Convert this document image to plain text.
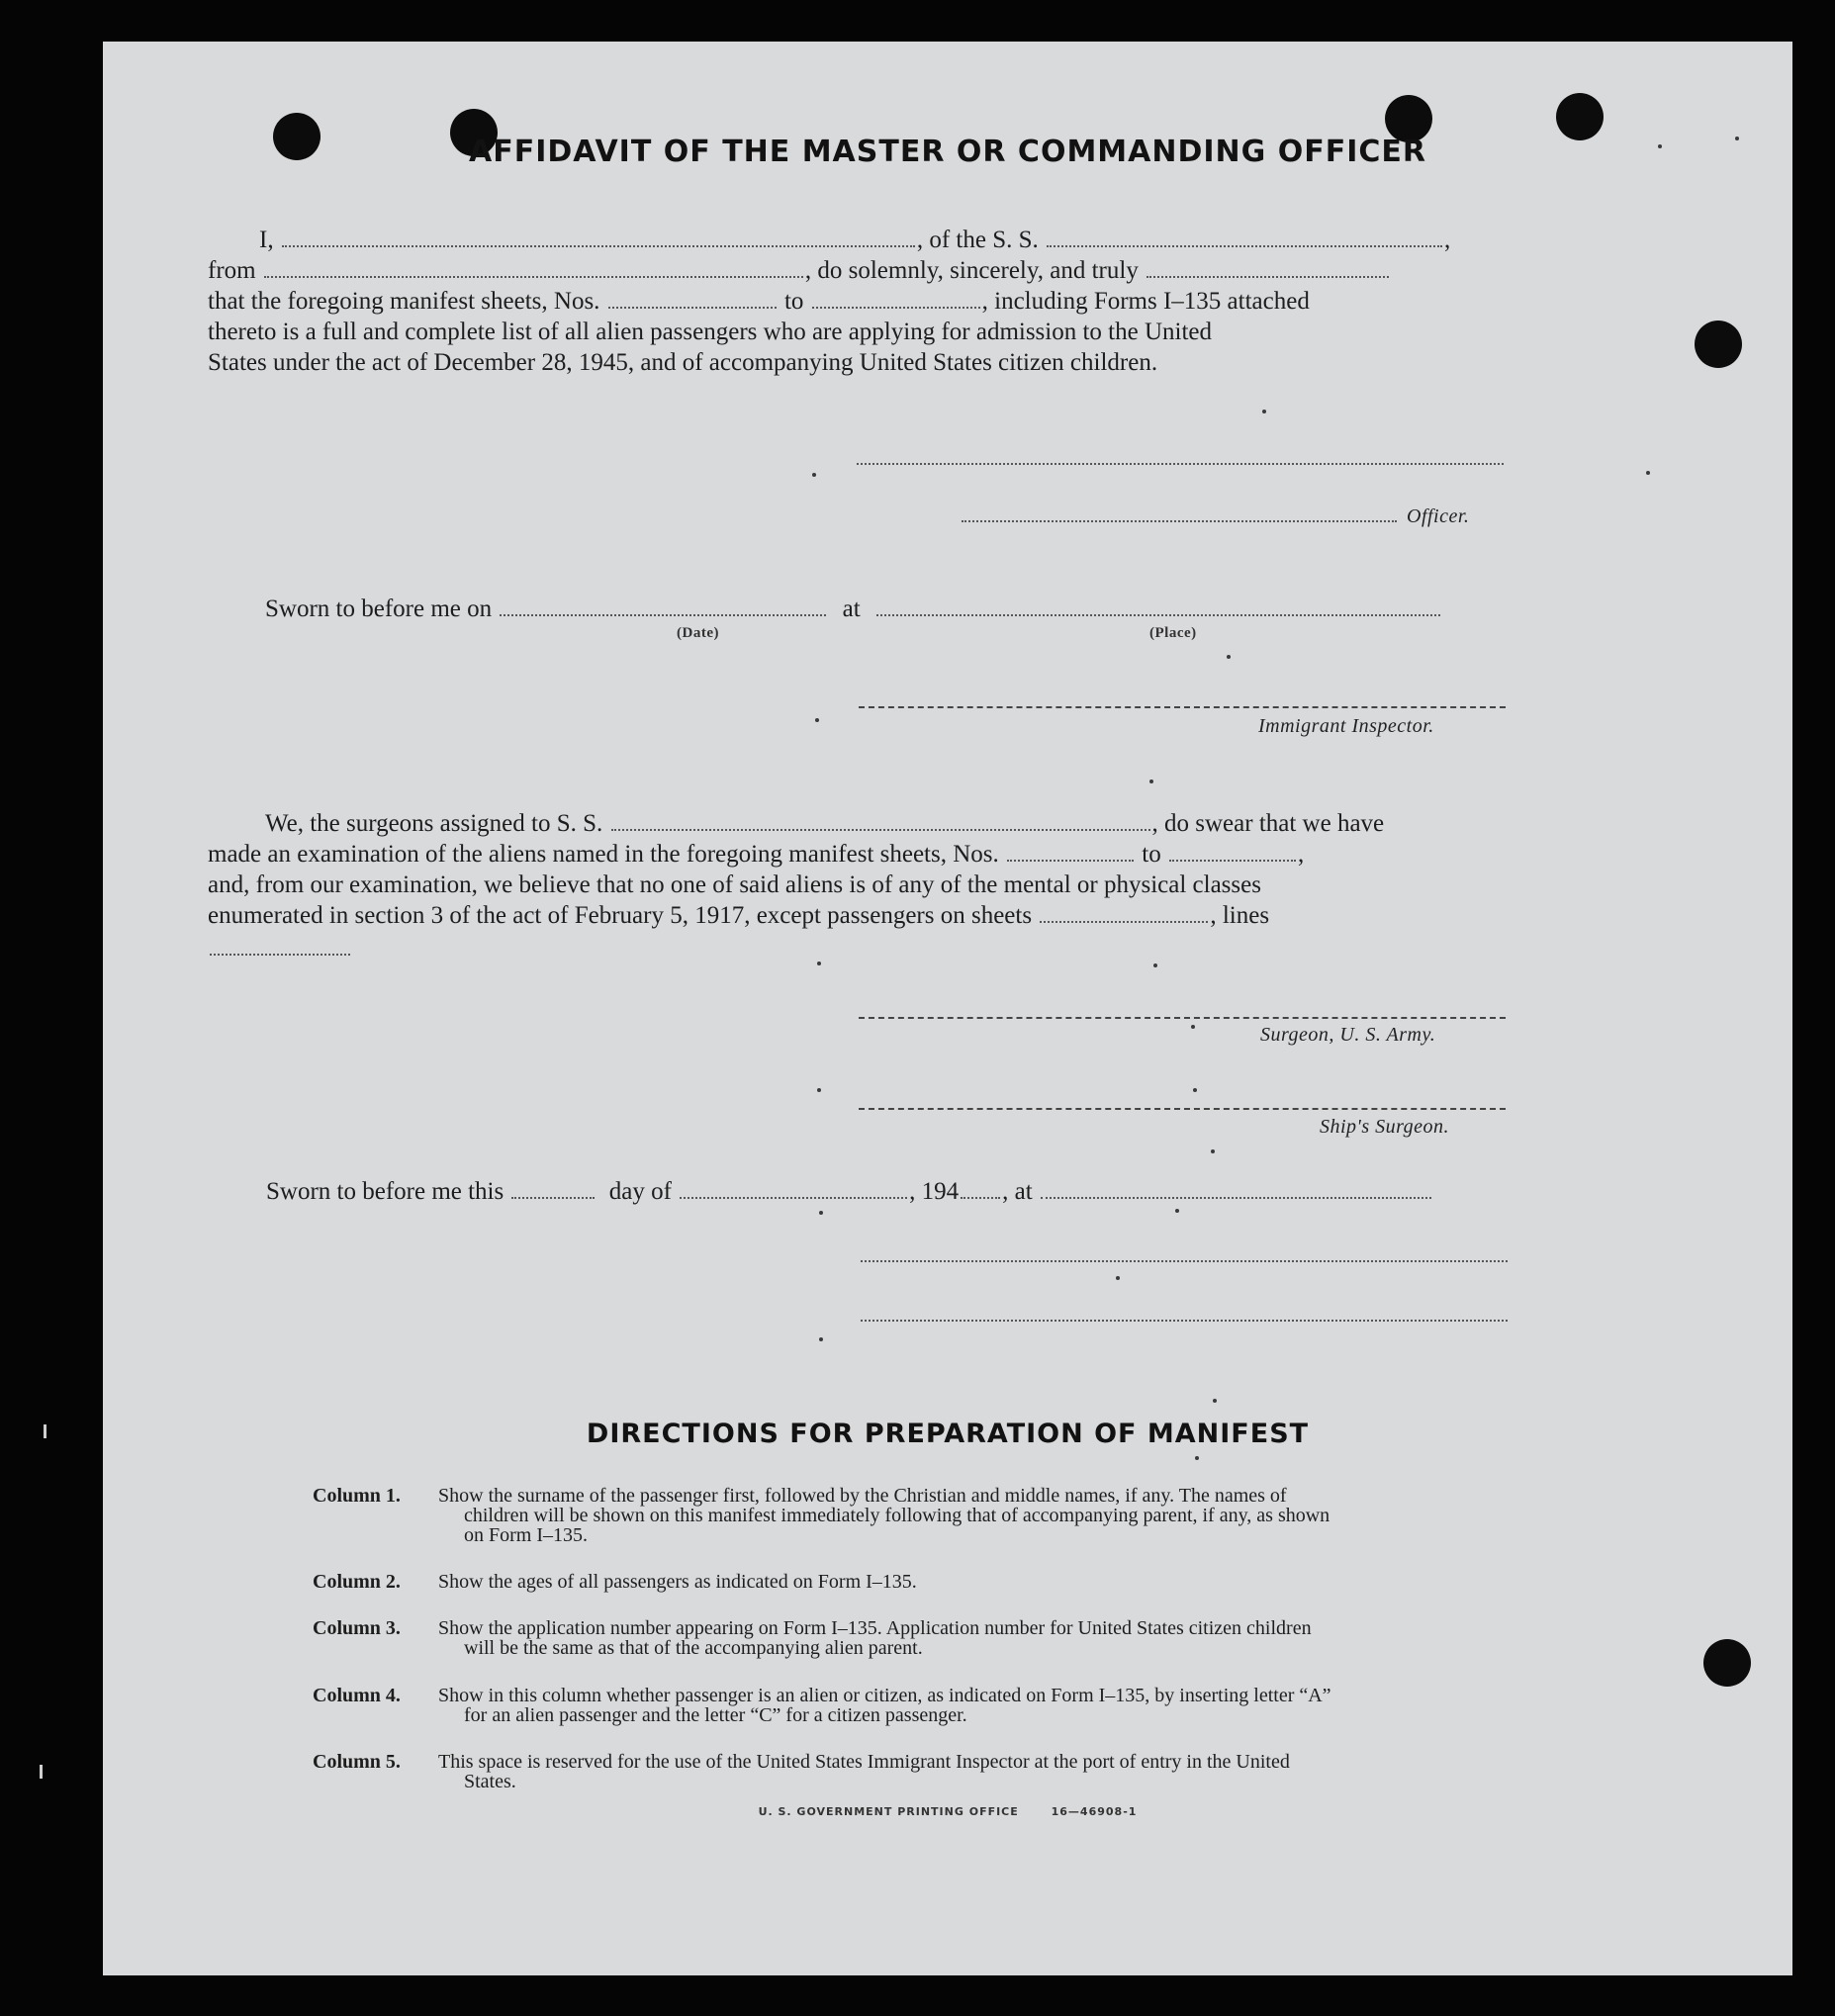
AFFIDAVIT OF THE MASTER OR COMMANDING OFFICER
I,	, of the S. S.	,
from	, do solemnly, sincerely, and truly
that the foregoing manifest sheets, Nos.	to	, including Forms I–135 attached
thereto is a full and complete list of all alien passengers who are applying for admission to the United
States under the act of December 28, 1945, and of accompanying United States citizen children.
Officer.
Sworn to before me on	at
(Date)	(Place)
Immigrant Inspector.
We, the surgeons assigned to S. S.	, do swear that we have
made an examination of the aliens named in the foregoing manifest sheets, Nos.	to	,
and, from our examination, we believe that no one of said aliens is of any of the mental or physical classes
enumerated in section 3 of the act of February 5, 1917, except passengers on sheets	, lines
Surgeon, U. S. Army.
Ship's Surgeon.
Sworn to before me this	day of	, 194 , at
DIRECTIONS FOR PREPARATION OF MANIFEST
Column 1.	Show the surname of the passenger first, followed by the Christian and middle names, if any. The names of
children will be shown on this manifest immediately following that of accompanying parent, if any, as shown
on Form I–135.
Column 2.	Show the ages of all passengers as indicated on Form I–135.
Column 3.	Show the application number appearing on Form I–135. Application number for United States citizen children
will be the same as that of the accompanying alien parent.
Column 4.	Show in this column whether passenger is an alien or citizen, as indicated on Form I–135, by inserting letter “A”
for an alien passenger and the letter “C” for a citizen passenger.
Column 5.	This space is reserved for the use of the United States Immigrant Inspector at the port of entry in the United
States.
U. S. GOVERNMENT PRINTING OFFICE	16—46908-1
